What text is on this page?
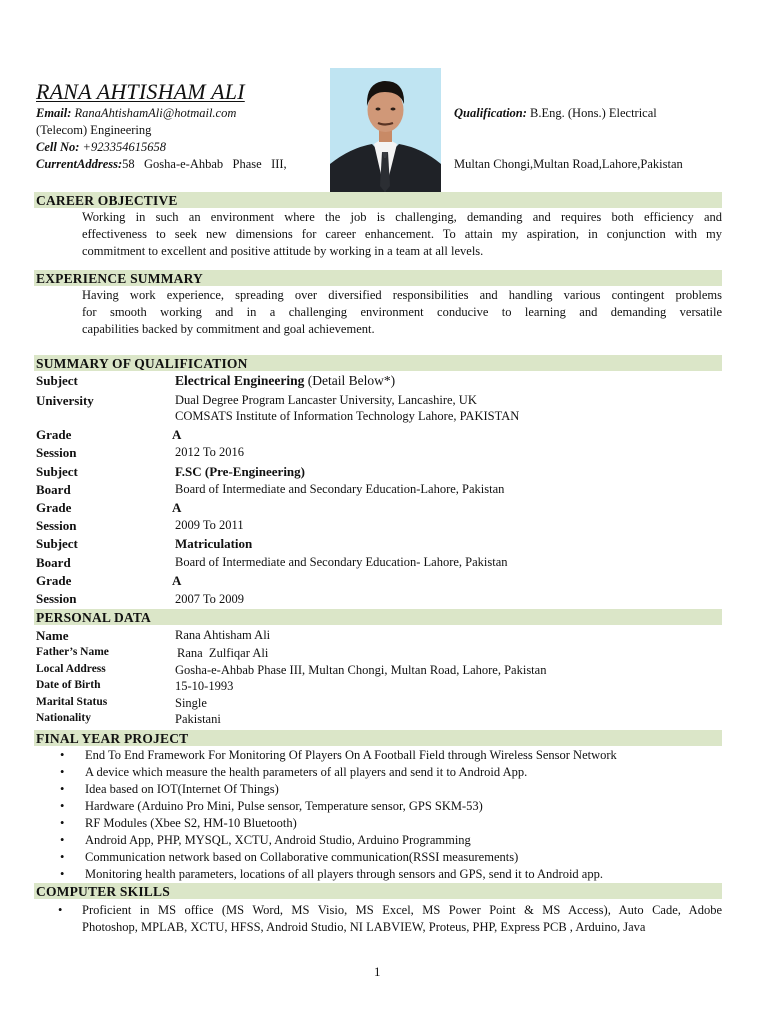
RANA AHTISHAM ALI
Email: RanaAhtishamAli@hotmail.com	Qualification: B.Eng. (Hons.) Electrical
(Telecom) Engineering
Cell No: +923354615658
CurrentAddress:58   Gosha-e-Ahbab   Phase   III,	Multan Chongi,Multan Road,Lahore,Pakistan
CAREER OBJECTIVE
Working in such an environment where the job is challenging, demanding and requires both efficiency and
effectiveness to seek new dimensions for career enhancement. To attain my aspiration, in conjunction with my
commitment to excellent and positive attitude by working in a team at all levels.
EXPERIENCE SUMMARY
Having work experience, spreading over diversified responsibilities and handling various contingent problems
for smooth working and in a challenging environment conducive to learning and demanding versatile
capabilities backed by commitment and goal achievement.
SUMMARY OF QUALIFICATION
Subject	Electrical Engineering (Detail Below*)
University	Dual Degree Program Lancaster University, Lancashire, UK
COMSATS Institute of Information Technology Lahore, PAKISTAN
Grade	A
Session	2012 To 2016
Subject	F.SC (Pre-Engineering)
Board	Board of Intermediate and Secondary Education-Lahore, Pakistan
Grade	A
Session	2009 To 2011
Subject	Matriculation
Board	Board of Intermediate and Secondary Education- Lahore, Pakistan
Grade	A
Session	2007 To 2009
PERSONAL DATA
Name	Rana Ahtisham Ali
Father’s Name	Rana  Zulfiqar Ali
Local Address	Gosha-e-Ahbab Phase III, Multan Chongi, Multan Road, Lahore, Pakistan
Date of Birth	15-10-1993
Marital Status	Single
Nationality	Pakistani
FINAL YEAR PROJECT
• End To End Framework For Monitoring Of Players On A Football Field through Wireless Sensor Network
• A device which measure the health parameters of all players and send it to Android App.
• Idea based on IOT(Internet Of Things)
• Hardware (Arduino Pro Mini, Pulse sensor, Temperature sensor, GPS SKM-53)
• RF Modules (Xbee S2, HM-10 Bluetooth)
• Android App, PHP, MYSQL, XCTU, Android Studio, Arduino Programming
• Communication network based on Collaborative communication(RSSI measurements)
• Monitoring health parameters, locations of all players through sensors and GPS, send it to Android app.
COMPUTER SKILLS
• Proficient in MS office (MS Word, MS Visio, MS Excel, MS Power Point & MS Access), Auto Cade, Adobe
Photoshop, MPLAB, XCTU, HFSS, Android Studio, NI LABVIEW, Proteus, PHP, Express PCB , Arduino, Java
1
